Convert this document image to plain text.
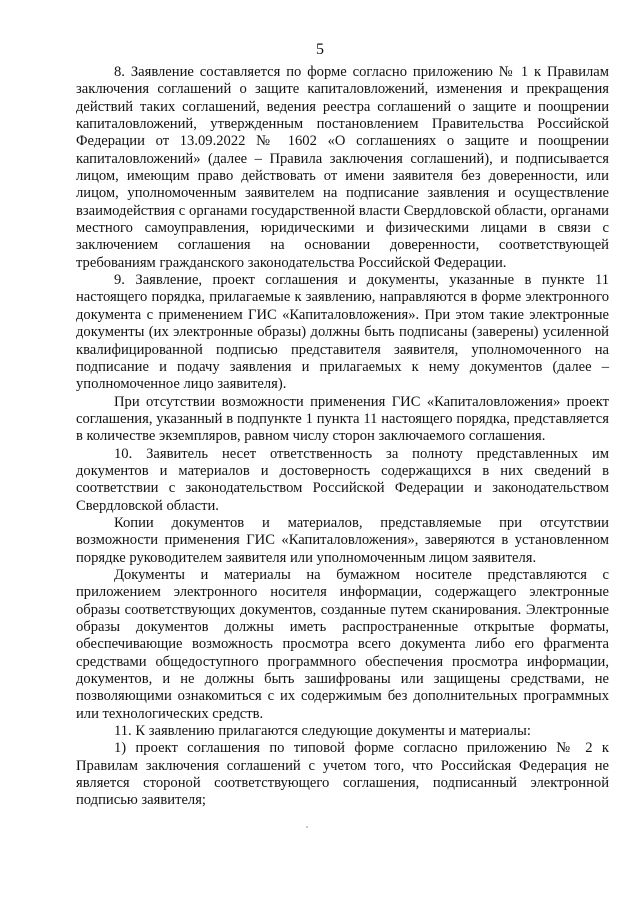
5

8. Заявление составляется по форме согласно приложению № 1 к Правилам заключения соглашений о защите капиталовложений, изменения и прекращения действий таких соглашений, ведения реестра соглашений о защите и поощрении капиталовложений, утвержденным постановлением Правительства Российской Федерации от 13.09.2022 № 1602 «О соглашениях о защите и поощрении капиталовложений» (далее – Правила заключения соглашений), и подписывается лицом, имеющим право действовать от имени заявителя без доверенности, или лицом, уполномоченным заявителем на подписание заявления и осуществление взаимодействия с органами государственной власти Свердловской области, органами местного самоуправления, юридическими и физическими лицами в связи с заключением соглашения на основании доверенности, соответствующей требованиям гражданского законодательства Российской Федерации.

9. Заявление, проект соглашения и документы, указанные в пункте 11 настоящего порядка, прилагаемые к заявлению, направляются в форме электронного документа с применением ГИС «Капиталовложения». При этом такие электронные документы (их электронные образы) должны быть подписаны (заверены) усиленной квалифицированной подписью представителя заявителя, уполномоченного на подписание и подачу заявления и прилагаемых к нему документов (далее – уполномоченное лицо заявителя).

При отсутствии возможности применения ГИС «Капиталовложения» проект соглашения, указанный в подпункте 1 пункта 11 настоящего порядка, представляется в количестве экземпляров, равном числу сторон заключаемого соглашения.

10. Заявитель несет ответственность за полноту представленных им документов и материалов и достоверность содержащихся в них сведений в соответствии с законодательством Российской Федерации и законодательством Свердловской области.

Копии документов и материалов, представляемые при отсутствии возможности применения ГИС «Капиталовложения», заверяются в установленном порядке руководителем заявителя или уполномоченным лицом заявителя.

Документы и материалы на бумажном носителе представляются с приложением электронного носителя информации, содержащего электронные образы соответствующих документов, созданные путем сканирования. Электронные образы документов должны иметь распространенные открытые форматы, обеспечивающие возможность просмотра всего документа либо его фрагмента средствами общедоступного программного обеспечения просмотра информации, документов, и не должны быть зашифрованы или защищены средствами, не позволяющими ознакомиться с их содержимым без дополнительных программных или технологических средств.

11. К заявлению прилагаются следующие документы и материалы:

1) проект соглашения по типовой форме согласно приложению № 2 к Правилам заключения соглашений с учетом того, что Российская Федерация не является стороной соответствующего соглашения, подписанный электронной подписью заявителя;
